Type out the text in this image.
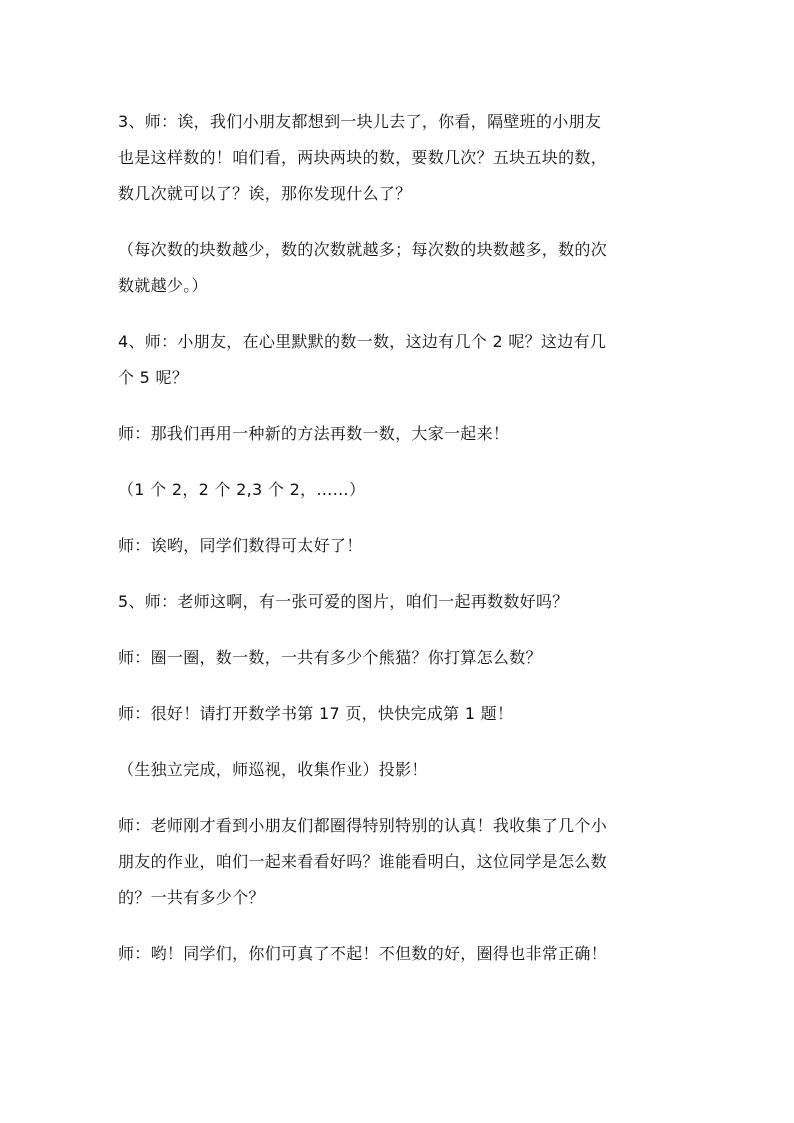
3、师：诶，我们小朋友都想到一块儿去了，你看，隔壁班的小朋友
也是这样数的！咱们看，两块两块的数，要数几次？五块五块的数，
数几次就可以了？诶，那你发现什么了？

（每次数的块数越少，数的次数就越多；每次数的块数越多，数的次
数就越少。）

4、师：小朋友，在心里默默的数一数，这边有几个 2 呢？这边有几
个 5 呢？

师：那我们再用一种新的方法再数一数，大家一起来！

（1 个 2，2 个 2,3 个 2，……）

师：诶哟，同学们数得可太好了！

5、师：老师这啊，有一张可爱的图片，咱们一起再数数好吗？

师：圈一圈，数一数，一共有多少个熊猫？你打算怎么数？

师：很好！请打开数学书第 17 页，快快完成第 1 题！

（生独立完成，师巡视，收集作业）投影！

师：老师刚才看到小朋友们都圈得特别特别的认真！我收集了几个小
朋友的作业，咱们一起来看看好吗？谁能看明白，这位同学是怎么数
的？一共有多少个？

师：哟！同学们，你们可真了不起！不但数的好，圈得也非常正确！
